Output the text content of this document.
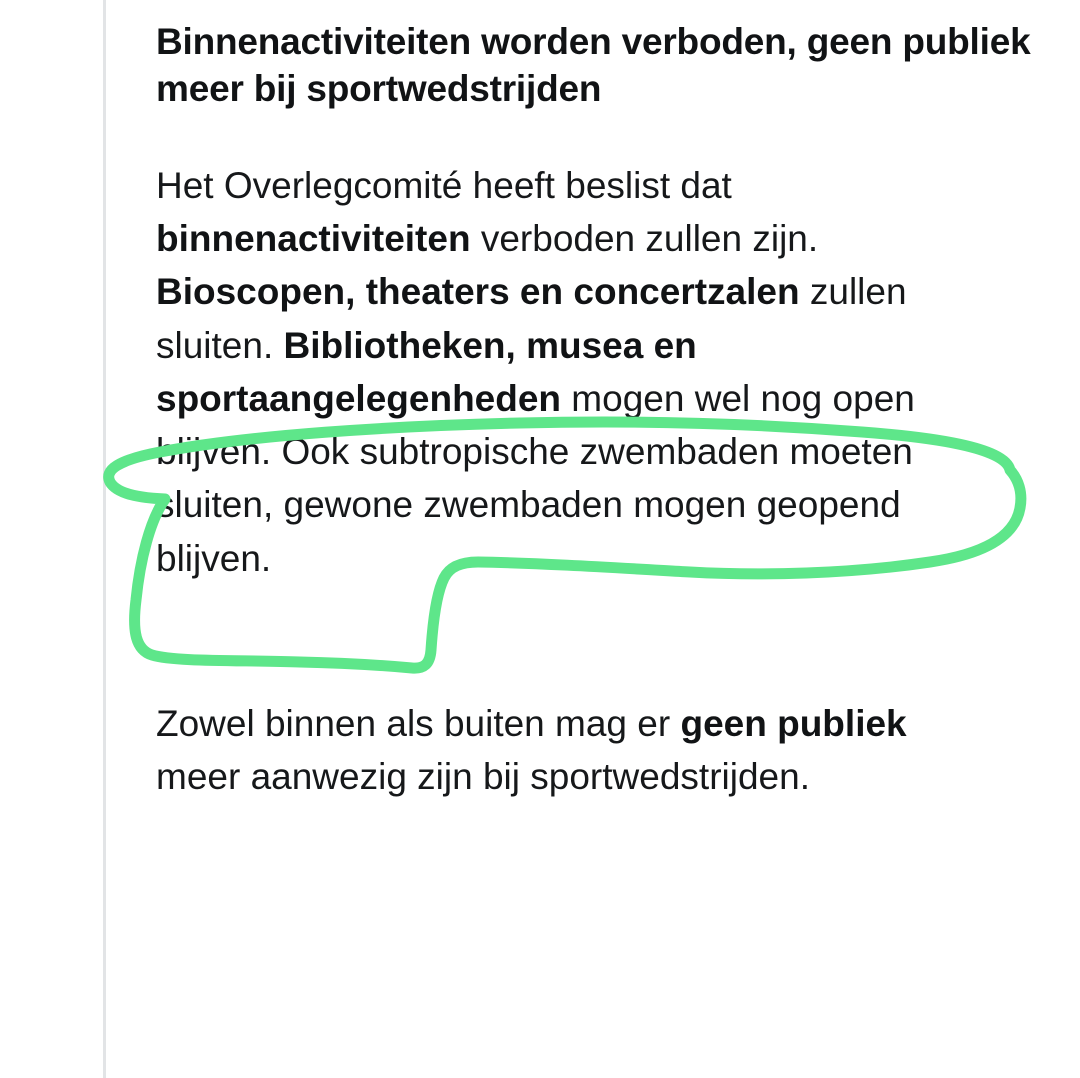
Binnenactiviteiten worden verboden, geen publiek meer bij sportwedstrijden

Het Overlegcomité heeft beslist dat binnenactiviteiten verboden zullen zijn. Bioscopen, theaters en concertzalen zullen sluiten. Bibliotheken, musea en sportaangelegenheden mogen wel nog open blijven. Ook subtropische zwembaden moeten sluiten, gewone zwembaden mogen geopend blijven.

Zowel binnen als buiten mag er geen publiek meer aanwezig zijn bij sportwedstrijden.
